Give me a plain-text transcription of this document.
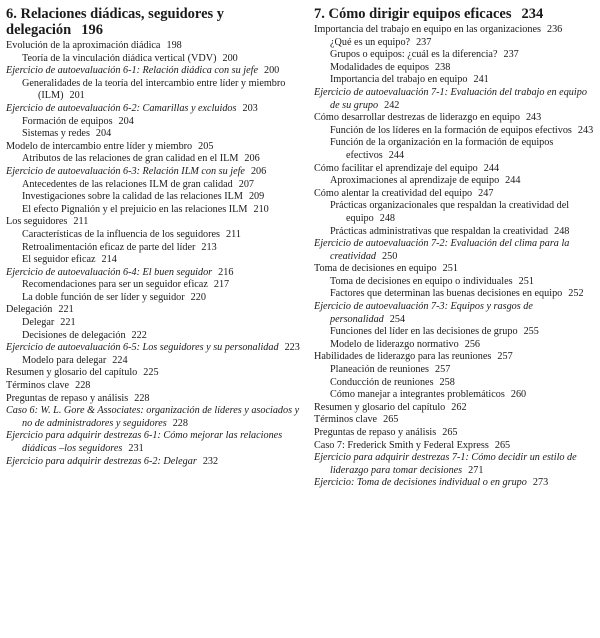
6. Relaciones diádicas, seguidores y delegación 196
Evolución de la aproximación diádica 198
Teoría de la vinculación diádica vertical (VDV) 200
Ejercicio de autoevaluación 6-1: Relación diádica con su jefe 200
Generalidades de la teoría del intercambio entre líder y miembro (ILM) 201
Ejercicio de autoevaluación 6-2: Camarillas y excluidos 203
Formación de equipos 204
Sistemas y redes 204
Modelo de intercambio entre líder y miembro 205
Atributos de las relaciones de gran calidad en el ILM 206
Ejercicio de autoevaluación 6-3: Relación ILM con su jefe 206
Antecedentes de las relaciones ILM de gran calidad 207
Investigaciones sobre la calidad de las relaciones ILM 209
El efecto Pignalión y el prejuicio en las relaciones ILM 210
Los seguidores 211
Características de la influencia de los seguidores 211
Retroalimentación eficaz de parte del líder 213
El seguidor eficaz 214
Ejercicio de autoevaluación 6-4: El buen seguidor 216
Recomendaciones para ser un seguidor eficaz 217
La doble función de ser líder y seguidor 220
Delegación 221
Delegar 221
Decisiones de delegación 222
Ejercicio de autoevaluación 6-5: Los seguidores y su personalidad 223
Modelo para delegar 224
Resumen y glosario del capítulo 225
Términos clave 228
Preguntas de repaso y análisis 228
Caso 6: W. L. Gore & Associates: organización de líderes y asociados y no de administradores y seguidores 228
Ejercicio para adquirir destrezas 6-1: Cómo mejorar las relaciones diádicas –los seguidores 231
Ejercicio para adquirir destrezas 6-2: Delegar 232
7. Cómo dirigir equipos eficaces 234
Importancia del trabajo en equipo en las organizaciones 236
¿Qué es un equipo? 237
Grupos o equipos: ¿cuál es la diferencia? 237
Modalidades de equipos 238
Importancia del trabajo en equipo 241
Ejercicio de autoevaluación 7-1: Evaluación del trabajo en equipo de su grupo 242
Cómo desarrollar destrezas de liderazgo en equipo 243
Función de los líderes en la formación de equipos efectivos 243
Función de la organización en la formación de equipos efectivos 244
Cómo facilitar el aprendizaje del equipo 244
Aproximaciones al aprendizaje de equipo 244
Cómo alentar la creatividad del equipo 247
Prácticas organizacionales que respaldan la creatividad del equipo 248
Prácticas administrativas que respaldan la creatividad 248
Ejercicio de autoevaluación 7-2: Evaluación del clima para la creatividad 250
Toma de decisiones en equipo 251
Toma de decisiones en equipo o individuales 251
Factores que determinan las buenas decisiones en equipo 252
Ejercicio de autoevaluación 7-3: Equipos y rasgos de personalidad 254
Funciones del líder en las decisiones de grupo 255
Modelo de liderazgo normativo 256
Habilidades de liderazgo para las reuniones 257
Planeación de reuniones 257
Conducción de reuniones 258
Cómo manejar a integrantes problemáticos 260
Resumen y glosario del capítulo 262
Términos clave 265
Preguntas de repaso y análisis 265
Caso 7: Frederick Smith y Federal Express 265
Ejercicio para adquirir destrezas 7-1: Cómo decidir un estilo de liderazgo para tomar decisiones 271
Ejercicio: Toma de decisiones individual o en grupo 273
